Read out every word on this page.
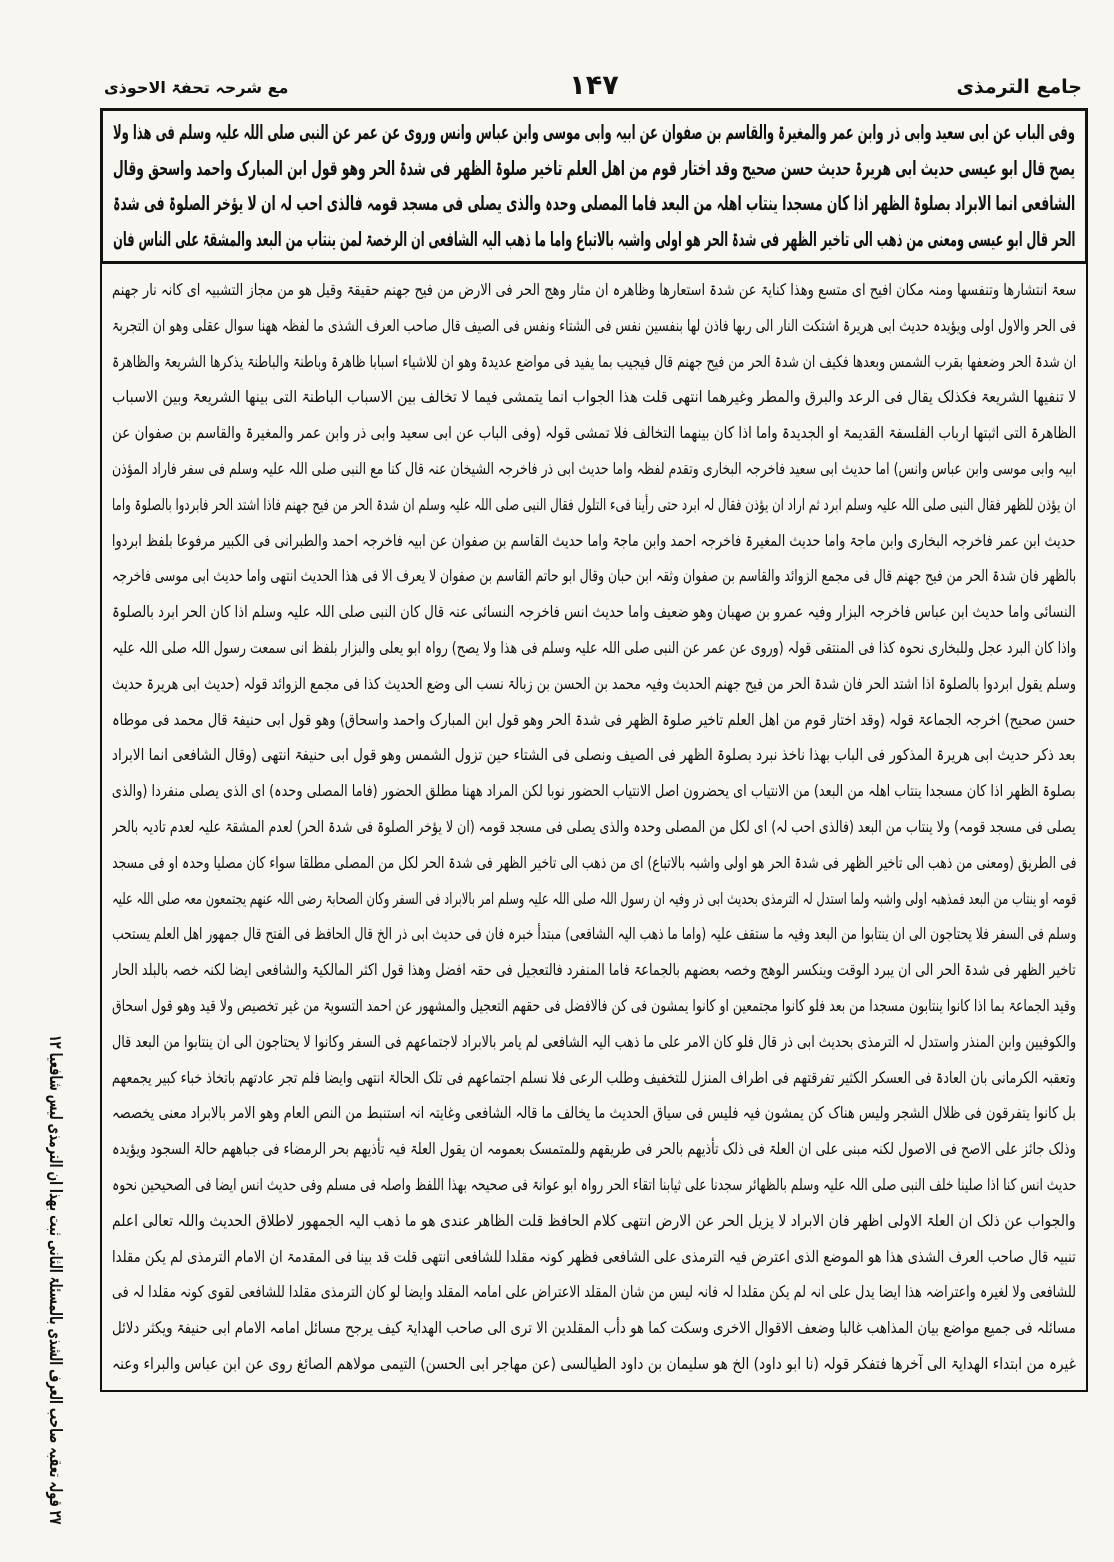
جامع الترمذی
۱۴۷
مع شرحہ تحفۃ الاحوذی
وفی الباب عن ابی سعید وابی ذر وابن عمر والمغیرۃ والقاسم بن صفوان عن ابیہ وابی موسی وابن عباس وانس وروی عن عمر عن النبی صلی اللہ علیہ وسلم فی ھذا ولا
یصح قال ابو عیسی حدیث ابی ھریرۃ حدیث حسن صحیح وقد اختار قوم من اھل العلم تاخیر صلوۃ الظھر فی شدۃ الحر وھو قول ابن المبارک واحمد واسحق وقال
الشافعی انما الابراد بصلوۃ الظھر اذا کان مسجدا ینتاب اھلہ من البعد فاما المصلی وحدہ والذی یصلی فی مسجد قومہ فالذی احب لہ ان لا یؤخر الصلوۃ فی شدۃ
الحر قال ابو عیسی ومعنی من ذھب الی تاخیر الظھر فی شدۃ الحر ھو اولی واشبہ بالاتباع واما ما ذھب الیہ الشافعی ان الرخصۃ لمن ینتاب من البعد والمشقۃ علی الناس فان
سعۃ انتشارھا وتنفسھا ومنہ مکان افیح ای متسع وھذا کنایۃ عن شدۃ استعارھا وظاھرہ ان مثار وھج الحر فی الارض من فیح جھنم حقیقۃ وقیل ھو من مجاز التشبیہ ای کانہ نار جھنم
فی الحر والاول اولی ویؤیدہ حدیث ابی ھریرۃ اشتکت النار الی ربھا فاذن لھا بنفسین نفس فی الشتاء ونفس فی الصیف قال صاحب العرف الشذی ما لفظہ ھھنا سوال عقلی وھو ان التجربۃ
ان شدۃ الحر وضعفھا بقرب الشمس وبعدھا فکیف ان شدۃ الحر من فیح جھنم قال فیجیب بما یفید فی مواضع عدیدۃ وھو ان للاشیاء اسبابا ظاھرۃ وباطنۃ والباطنۃ یذکرھا الشریعۃ والظاھرۃ
لا تنفیھا الشریعۃ فکذلک یقال فی الرعد والبرق والمطر وغیرھما انتھی قلت ھذا الجواب انما یتمشی فیما لا تخالف بین الاسباب الباطنۃ التی بینھا الشریعۃ وبین الاسباب
الظاھرۃ التی اثبتھا ارباب الفلسفۃ القدیمۃ او الجدیدۃ واما اذا کان بینھما التخالف فلا تمشی قولہ (وفی الباب عن ابی سعید وابی ذر وابن عمر والمغیرۃ والقاسم بن صفوان عن
ابیہ وابی موسی وابن عباس وانس) اما حدیث ابی سعید فاخرجہ البخاری وتقدم لفظہ واما حدیث ابی ذر فاخرجہ الشیخان عنہ قال کنا مع النبی صلی اللہ علیہ وسلم فی سفر فاراد المؤذن
ان یؤذن للظھر فقال النبی صلی اللہ علیہ وسلم ابرد ثم اراد ان یؤذن فقال لہ ابرد حتی رأینا فیء التلول فقال النبی صلی اللہ علیہ وسلم ان شدۃ الحر من فیح جھنم فاذا اشتد الحر فابردوا بالصلوۃ واما
حدیث ابن عمر فاخرجہ البخاری وابن ماجۃ واما حدیث المغیرۃ فاخرجہ احمد وابن ماجۃ واما حدیث القاسم بن صفوان عن ابیہ فاخرجہ احمد والطبرانی فی الکبیر مرفوعا بلفظ ابردوا
بالظھر فان شدۃ الحر من فیح جھنم قال فی مجمع الزوائد والقاسم بن صفوان وثقہ ابن حبان وقال ابو حاتم القاسم بن صفوان لا یعرف الا فی ھذا الحدیث انتھی واما حدیث ابی موسی فاخرجہ
النسائی واما حدیث ابن عباس فاخرجہ البزار وفیہ عمرو بن صھبان وھو ضعیف واما حدیث انس فاخرجہ النسائی عنہ قال کان النبی صلی اللہ علیہ وسلم اذا کان الحر ابرد بالصلوۃ
واذا کان البرد عجل وللبخاری نحوہ کذا فی المنتقی قولہ (وروی عن عمر عن النبی صلی اللہ علیہ وسلم فی ھذا ولا یصح) رواہ ابو یعلی والبزار بلفظ انی سمعت رسول اللہ صلی اللہ علیہ
وسلم یقول ابردوا بالصلوۃ اذا اشتد الحر فان شدۃ الحر من فیح جھنم الحدیث وفیہ محمد بن الحسن بن زبالۃ نسب الی وضع الحدیث کذا فی مجمع الزوائد قولہ (حدیث ابی ھریرۃ حدیث
حسن صحیح) اخرجہ الجماعۃ قولہ (وقد اختار قوم من اھل العلم تاخیر صلوۃ الظھر فی شدۃ الحر وھو قول ابن المبارک واحمد واسحاق) وھو قول ابی حنیفۃ قال محمد فی موطاہ
بعد ذکر حدیث ابی ھریرۃ المذکور فی الباب بھذا ناخذ نبرد بصلوۃ الظھر فی الصیف ونصلی فی الشتاء حین تزول الشمس وھو قول ابی حنیفۃ انتھی (وقال الشافعی انما الابراد
بصلوۃ الظھر اذا کان مسجدا ینتاب اھلہ من البعد) من الانتیاب ای یحضرون اصل الانتیاب الحضور نوبا لکن المراد ھھنا مطلق الحضور (فاما المصلی وحدہ) ای الذی یصلی منفردا (والذی
یصلی فی مسجد قومہ) ولا ینتاب من البعد (فالذی احب لہ) ای لکل من المصلی وحدہ والذی یصلی فی مسجد قومہ (ان لا یؤخر الصلوۃ فی شدۃ الحر) لعدم المشقۃ علیہ لعدم تادیہ بالحر
فی الطریق (ومعنی من ذھب الی تاخیر الظھر فی شدۃ الحر ھو اولی واشبہ بالاتباع) ای من ذھب الی تاخیر الظھر فی شدۃ الحر لکل من المصلی مطلقا سواء کان مصلیا وحدہ او فی مسجد
قومہ او ینتاب من البعد فمذھبہ اولی واشبہ ولما استدل لہ الترمذی بحدیث ابی ذر وفیہ ان رسول اللہ صلی اللہ علیہ وسلم امر بالابراد فی السفر وکان الصحابۃ رضی اللہ عنھم یجتمعون معہ صلی اللہ علیہ
وسلم فی السفر فلا یحتاجون الی ان ینتابوا من البعد وفیہ ما ستقف علیہ (واما ما ذھب الیہ الشافعی) مبتدأ خبرہ فان فی حدیث ابی ذر الخ قال الحافظ فی الفتح قال جمھور اھل العلم یستحب
تاخیر الظھر فی شدۃ الحر الی ان یبرد الوقت وینکسر الوھج وخصہ بعضھم بالجماعۃ فاما المنفرد فالتعجیل فی حقہ افضل وھذا قول اکثر المالکیۃ والشافعی ایضا لکنہ خصہ بالبلد الحار
وقید الجماعۃ بما اذا کانوا ینتابون مسجدا من بعد فلو کانوا مجتمعین او کانوا یمشون فی کن فالافضل فی حقھم التعجیل والمشھور عن احمد التسویۃ من غیر تخصیص ولا قید وھو قول اسحاق
والکوفیین وابن المنذر واستدل لہ الترمذی بحدیث ابی ذر قال فلو کان الامر علی ما ذھب الیہ الشافعی لم یامر بالابراد لاجتماعھم فی السفر وکانوا لا یحتاجون الی ان ینتابوا من البعد قال
وتعقبہ الکرمانی بان العادۃ فی العسکر الکثیر تفرقتھم فی اطراف المنزل للتخفیف وطلب الرعی فلا نسلم اجتماعھم فی تلک الحالۃ انتھی وایضا فلم تجر عادتھم باتخاذ خباء کبیر یجمعھم
بل کانوا یتفرقون فی ظلال الشجر ولیس ھناک کن یمشون فیہ فلیس فی سیاق الحدیث ما یخالف ما قالہ الشافعی وغایتہ انہ استنبط من النص العام وھو الامر بالابراد معنی یخصصہ
وذلک جائز علی الاصح فی الاصول لکنہ مبنی علی ان العلۃ فی ذلک تأذیھم بالحر فی طریقھم وللمتمسک بعمومہ ان یقول العلۃ فیہ تأذیھم بحر الرمضاء فی جباھھم حالۃ السجود ویؤیدہ
حدیث انس کنا اذا صلینا خلف النبی صلی اللہ علیہ وسلم بالظھائر سجدنا علی ثیابنا اتقاء الحر رواہ ابو عوانۃ فی صحیحہ بھذا اللفظ واصلہ فی مسلم وفی حدیث انس ایضا فی الصحیحین نحوہ
والجواب عن ذلک ان العلۃ الاولی اظھر فان الابراد لا یزیل الحر عن الارض انتھی کلام الحافظ قلت الظاھر عندی ھو ما ذھب الیہ الجمھور لاطلاق الحدیث واللہ تعالی اعلم
تنبیہ قال صاحب العرف الشذی ھذا ھو الموضع الذی اعترض فیہ الترمذی علی الشافعی فظھر کونہ مقلدا للشافعی انتھی قلت قد بینا فی المقدمۃ ان الامام الترمذی لم یکن مقلدا
للشافعی ولا لغیرہ واعتراضہ ھذا ایضا یدل علی انہ لم یکن مقلدا لہ فانہ لیس من شان المقلد الاعتراض علی امامہ المقلد وایضا لو کان الترمذی مقلدا للشافعی لقوی کونہ مقلدا لہ فی
مسائلہ فی جمیع مواضع بیان المذاھب غالبا وضعف الاقوال الاخری وسکت کما ھو دأب المقلدین الا تری الی صاحب الھدایۃ کیف یرجح مسائل امامہ الامام ابی حنیفۃ ویکثر دلائل
غیرہ من ابتداء الھدایۃ الی آخرھا فتفکر قولہ (نا ابو داود) الخ ھو سلیمان بن داود الطیالسی (عن مھاجر ابی الحسن) التیمی مولاھم الصائغ روی عن ابن عباس والبراء وعنہ
۲۷ قولہ تعقبہ صاحب العرف الشذی بالمسئلۃ الثانی ثبت بھذا ان الترمذی لیس شافعیا ۱۲
